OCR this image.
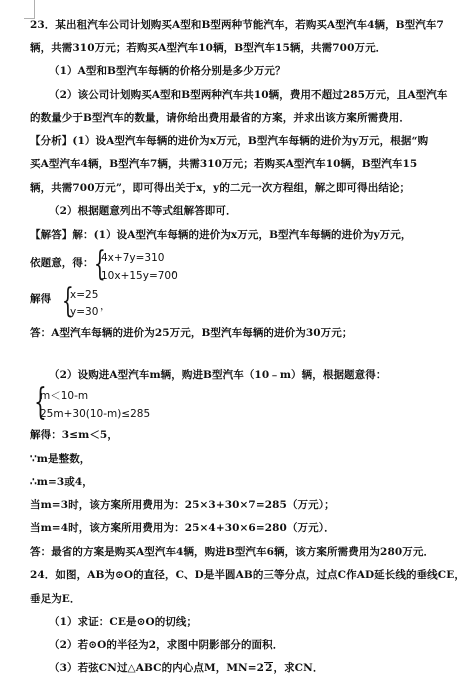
23．某出租汽车公司计划购买A型和B型两种节能汽车，若购买A型汽车4辆，B型汽车7
辆，共需310万元；若购买A型汽车10辆，B型汽车15辆，共需700万元．
（1）A型和B型汽车每辆的价格分别是多少万元？
（2）该公司计划购买A型和B型两种汽车共10辆，费用不超过285万元，且A型汽车
的数量少于B型汽车的数量，请你给出费用最省的方案，并求出该方案所需费用．
【分析】(1）设A型汽车每辆的进价为x万元，B型汽车每辆的进价为y万元，根据“购
买A型汽车4辆，B型汽车7辆，共需310万元；若购买A型汽车10辆，B型汽车15
辆，共需700万元”，即可得出关于x，y的二元一次方程组，解之即可得出结论；
（2）根据题意列出不等式组解答即可．
【解答】解：(1）设A型汽车每辆的进价为x万元，B型汽车每辆的进价为y万元，
依题意，得： {
4x+7y=310
10x+15y=700
，
解得 {
x=25
y=30 ，
答：A型汽车每辆的进价为25万元，B型汽车每辆的进价为30万元；
（2）设购进A型汽车m辆，购进B型汽车（10﹣m）辆，根据题意得：
{
m＜10-m
25m+30(10-m)≤285
解得：3≤m＜5，
∵m是整数，
∴m=3或4，
当m=3时，该方案所用费用为：25×3+30×7=285（万元）；
当m=4时，该方案所用费用为：25×4+30×6=280（万元）．
答：最省的方案是购买A型汽车4辆，购进B型汽车6辆，该方案所需费用为280万元．
24．如图，AB为⊙O的直径，C、D是半圆AB的三等分点，过点C作AD延长线的垂线CE，
垂足为E．
（1）求证：CE是⊙O的切线；
（2）若⊙O的半径为2，求图中阴影部分的面积．
（3）若弦CN过△ABC的内心点M，MN=22，求CN．
